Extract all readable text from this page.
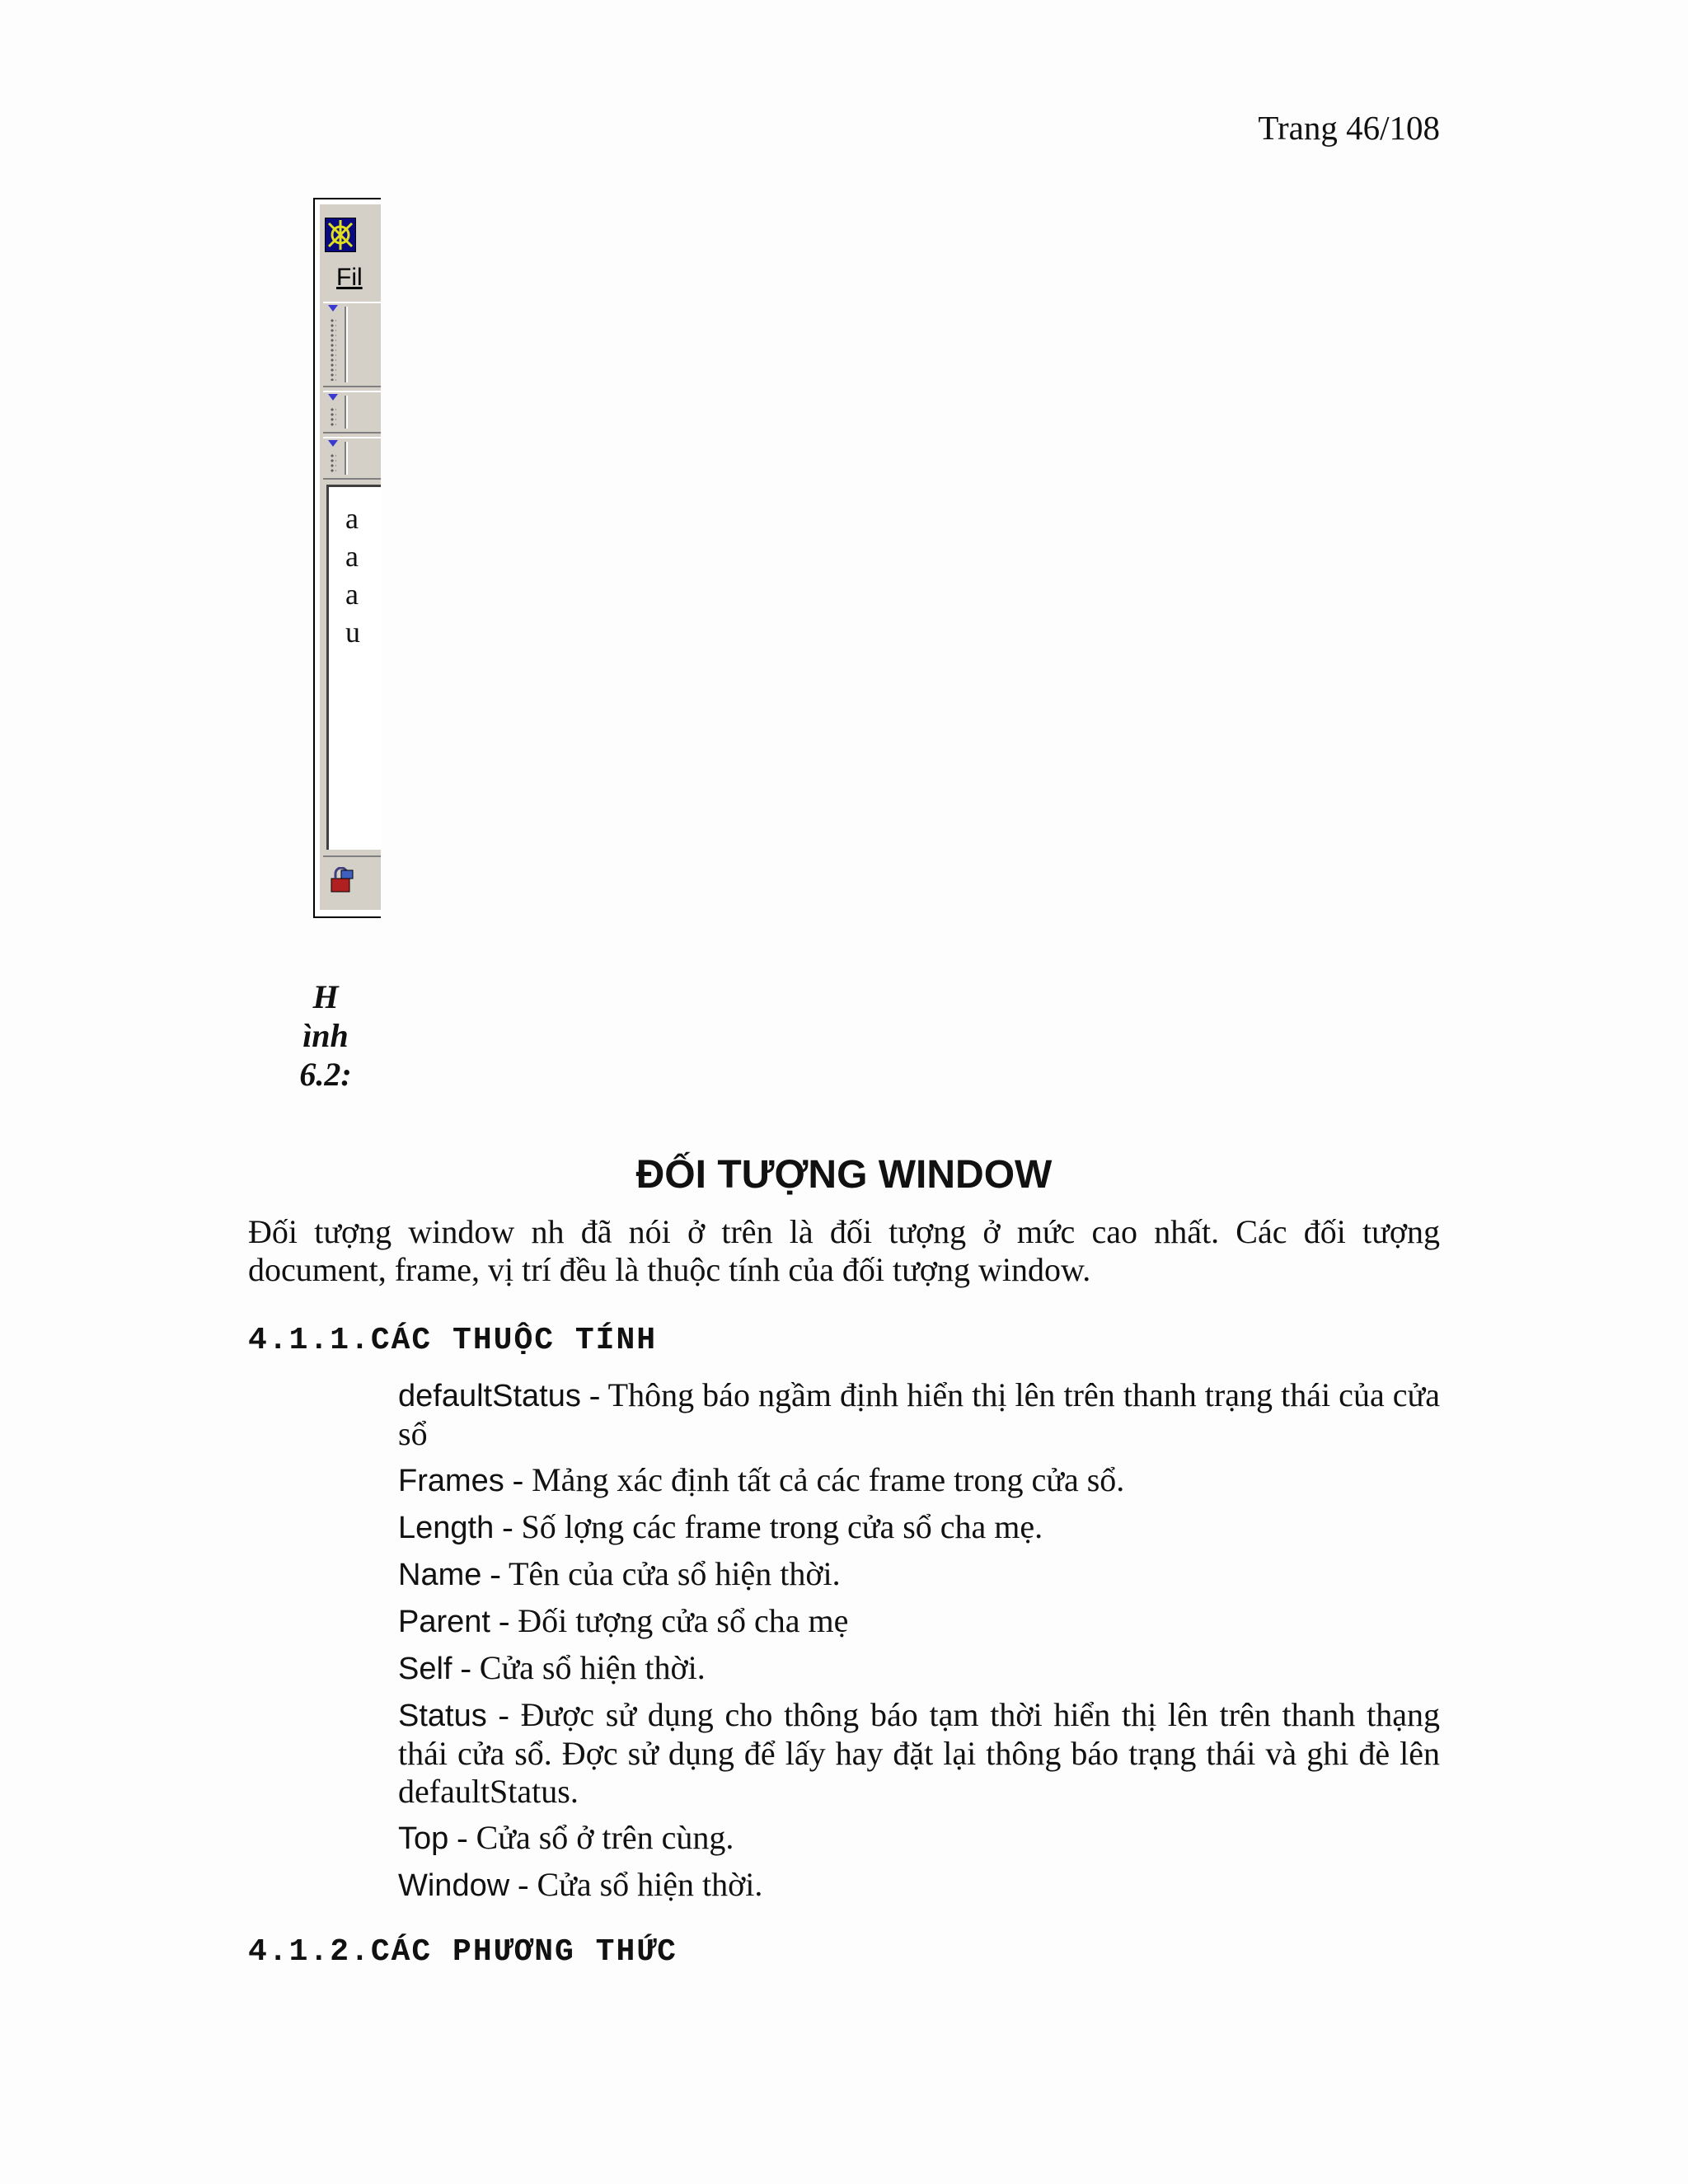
Trang 46/108
Fil
a
a
a
u
H
ình
6.2:
ĐỐI TƯỢNG WINDOW
Đối tượng window nh đã nói ở trên là đối tượng ở mức cao nhất. Các đối tượng document, frame, vị trí đều là thuộc tính của đối tượng window.
4.1.1.CÁC THUỘC TÍNH
defaultStatus - Thông báo ngầm định hiển thị lên trên thanh trạng thái của cửa sổ
Frames - Mảng xác định tất cả các frame trong cửa sổ.
Length - Số lợng các frame trong cửa sổ cha mẹ.
Name - Tên của cửa sổ hiện thời.
Parent - Đối tượng cửa sổ cha mẹ
Self - Cửa sổ hiện thời.
Status - Được sử dụng cho thông báo tạm thời hiển thị lên trên thanh thạng thái cửa sổ. Đợc sử dụng để lấy hay đặt lại thông báo trạng thái và ghi đè lên defaultStatus.
Top - Cửa sổ ở trên cùng.
Window - Cửa sổ hiện thời.
4.1.2.CÁC PHƯƠNG THỨC
